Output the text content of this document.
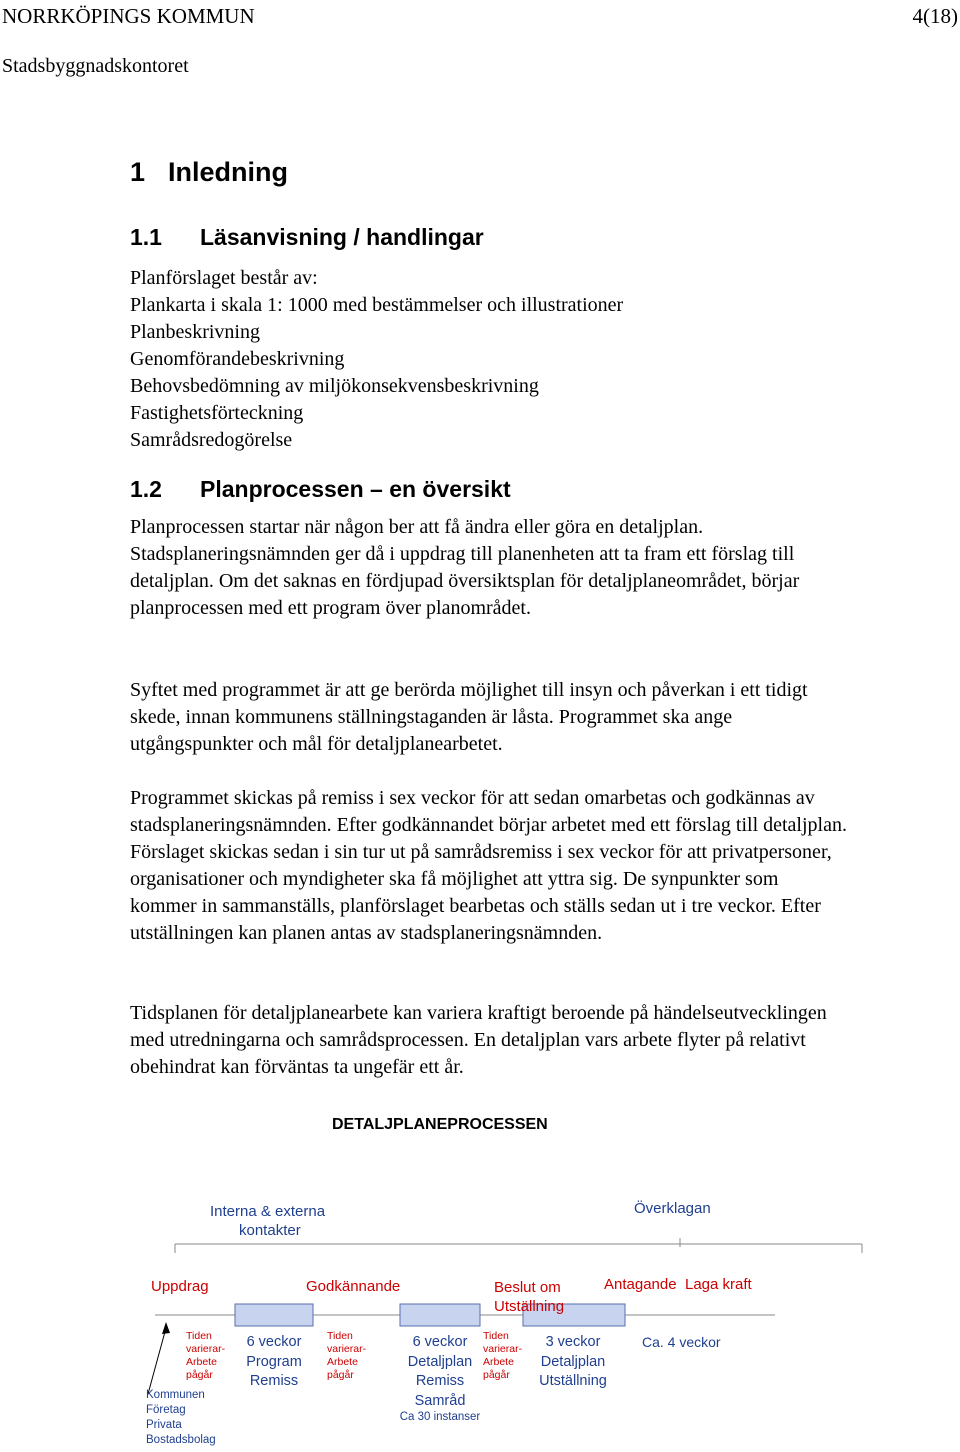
NORRKÖPINGS KOMMUN	4(18)
Stadsbyggnadskontoret
1 Inledning
1.1 Läsanvisning / handlingar
Planförslaget består av:
Plankarta i skala 1: 1000 med bestämmelser och illustrationer
Planbeskrivning
Genomförandebeskrivning
Behovsbedömning av miljökonsekvensbeskrivning
Fastighetsförteckning
Samrådsredogörelse
1.2 Planprocessen – en översikt

Planprocessen startar när någon ber att få ändra eller göra en detaljplan. Stadsplaneringsnämnden ger då i uppdrag till planenheten att ta fram ett förslag till detaljplan. Om det saknas en fördjupad översiktsplan för detaljplaneområdet, börjar planprocessen med ett program över planområdet.

Syftet med programmet är att ge berörda möjlighet till insyn och påverkan i ett tidigt skede, innan kommunens ställningstaganden är låsta. Programmet ska ange utgångspunkter och mål för detaljplanearbetet.

Programmet skickas på remiss i sex veckor för att sedan omarbetas och godkännas av stadsplaneringsnämnden. Efter godkännandet börjar arbetet med ett förslag till detaljplan. Förslaget skickas sedan i sin tur ut på samrådsremiss i sex veckor för att privatpersoner, organisationer och myndigheter ska få möjlighet att yttra sig. De synpunkter som kommer in sammanställs, planförslaget bearbetas och ställs sedan ut i tre veckor. Efter utställningen kan planen antas av stadsplaneringsnämnden.

Tidsplanen för detaljplanearbete kan variera kraftigt beroende på händelseutvecklingen med utredningarna och samrådsprocessen. En detaljplan vars arbete flyter på relativt obehindrat kan förväntas ta ungefär ett år.

DETALJPLANEPROCESSEN
Interna & externa
kontakter
Överklagan
Uppdrag	Godkännande	Beslut om
Utställning
Antagande Laga kraft
Tiden
varierar-
Arbete
pågår
6 veckor
Program
Remiss
Tiden
varierar-
Arbete
pågår
6 veckor
Detaljplan
Remiss
Samråd
Ca 30 instanser
Tiden
varierar-
Arbete
pågår
3 veckor
Detaljplan
Utställning
Ca. 4 veckor
Kommunen
Företag
Privata
Bostadsbolag
